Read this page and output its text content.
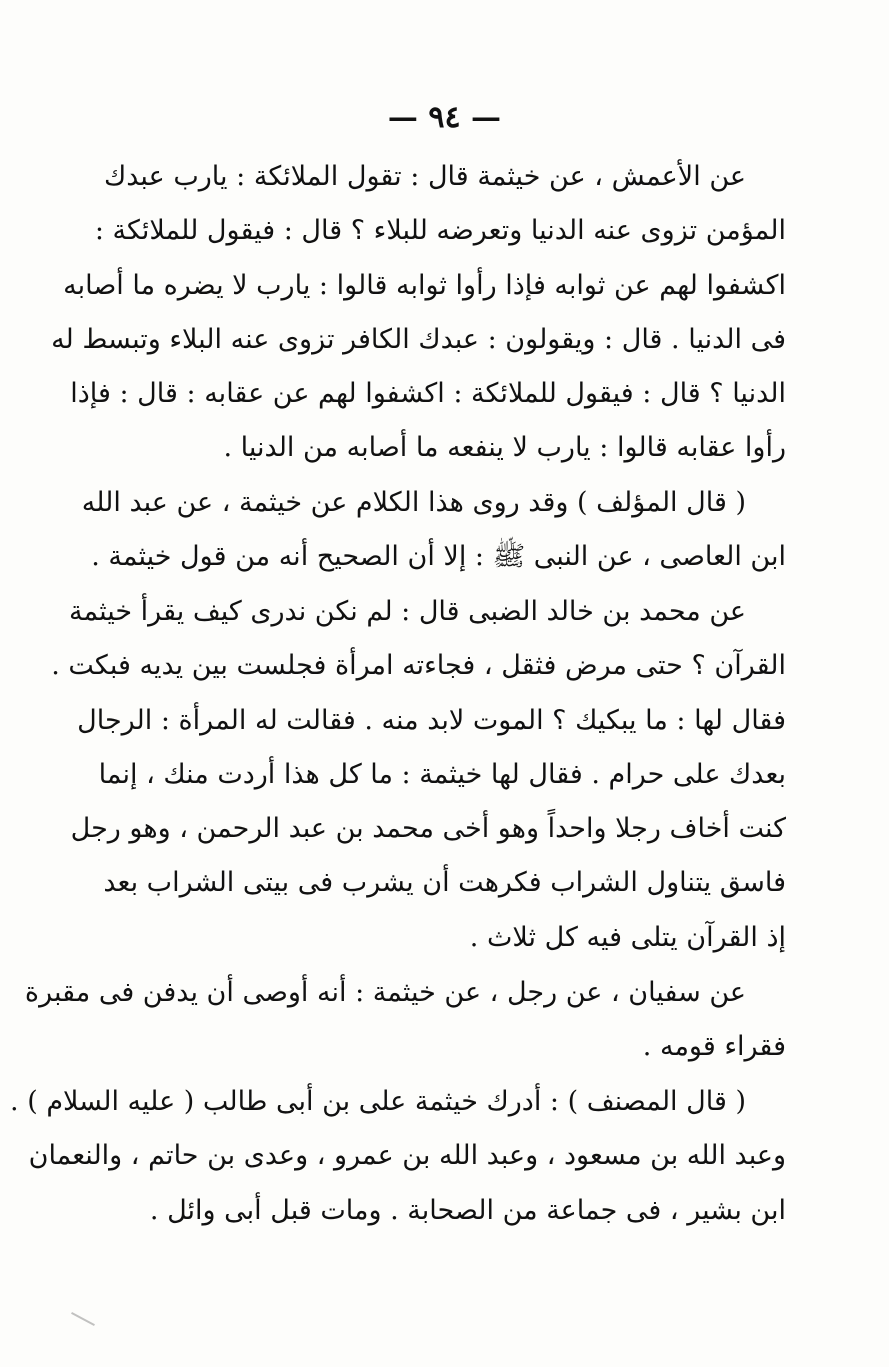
— ٩٤ —
عن الأعمش ، عن خيثمة قال : تقول الملائكة : يارب عبدك
المؤمن تزوى عنه الدنيا وتعرضه للبلاء ؟ قال : فيقول للملائكة :
اكشفوا لهم عن ثوابه فإذا رأوا ثوابه قالوا : يارب لا يضره ما أصابه
فى الدنيا . قال : ويقولون : عبدك الكافر تزوى عنه البلاء وتبسط له
الدنيا ؟ قال : فيقول للملائكة : اكشفوا لهم عن عقابه : قال : فإذا
رأوا عقابه قالوا : يارب لا ينفعه ما أصابه من الدنيا .
( قال المؤلف ) وقد روى هذا الكلام عن خيثمة ، عن عبد الله
ابن العاصى ، عن النبى ﷺ : إلا أن الصحيح أنه من قول خيثمة .
عن محمد بن خالد الضبى قال : لم نكن ندرى كيف يقرأ خيثمة
القرآن ؟ حتى مرض فثقل ، فجاءته امرأة فجلست بين يديه فبكت .
فقال لها : ما يبكيك ؟ الموت لابد منه . فقالت له المرأة : الرجال
بعدك على حرام . فقال لها خيثمة : ما كل هذا أردت منك ، إنما
كنت أخاف رجلا واحداً وهو أخى محمد بن عبد الرحمن ، وهو رجل
فاسق يتناول الشراب فكرهت أن يشرب فى بيتى الشراب بعد
إذ القرآن يتلى فيه كل ثلاث .
عن سفيان ، عن رجل ، عن خيثمة : أنه أوصى أن يدفن فى مقبرة
فقراء قومه .
( قال المصنف ) : أدرك خيثمة على بن أبى طالب ( عليه السلام ) .
وعبد الله بن مسعود ، وعبد الله بن عمرو ، وعدى بن حاتم ، والنعمان
ابن بشير ، فى جماعة من الصحابة . ومات قبل أبى وائل .
